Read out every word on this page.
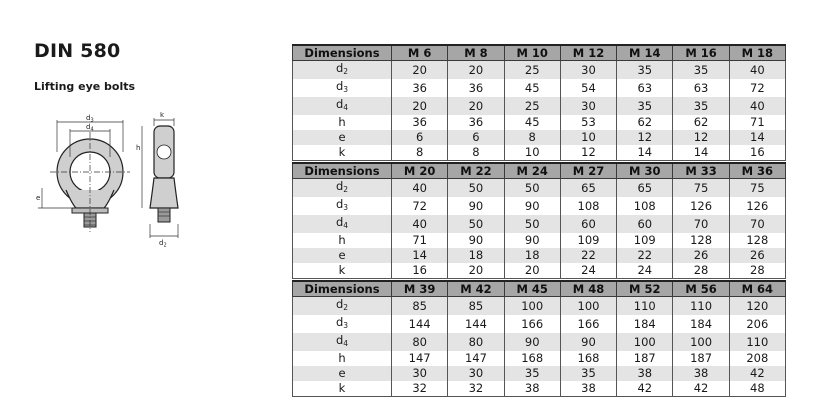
DIN 580
Lifting eye bolts
$d_3$
$d_4$
e
k
h
$d_2$
Dimensions	M 6	M 8	M 10	M 12	M 14	M 16	M 18
$d_2$	20	20	25	30	35	35	40
$d_3$	36	36	45	54	63	63	72
$d_4$	20	20	25	30	35	35	40
h	36	36	45	53	62	62	71
e	6	6	8	10	12	12	14
k	8	8	10	12	14	14	16
Dimensions	M 20	M 22	M 24	M 27	M 30	M 33	M 36
$d_2$	40	50	50	65	65	75	75
$d_3$	72	90	90	108	108	126	126
$d_4$	40	50	50	60	60	70	70
h	71	90	90	109	109	128	128
e	14	18	18	22	22	26	26
k	16	20	20	24	24	28	28
Dimensions	M 39	M 42	M 45	M 48	M 52	M 56	M 64
$d_2$	85	85	100	100	110	110	120
$d_3$	144	144	166	166	184	184	206
$d_4$	80	80	90	90	100	100	110
h	147	147	168	168	187	187	208
e	30	30	35	35	38	38	42
k	32	32	38	38	42	42	48
